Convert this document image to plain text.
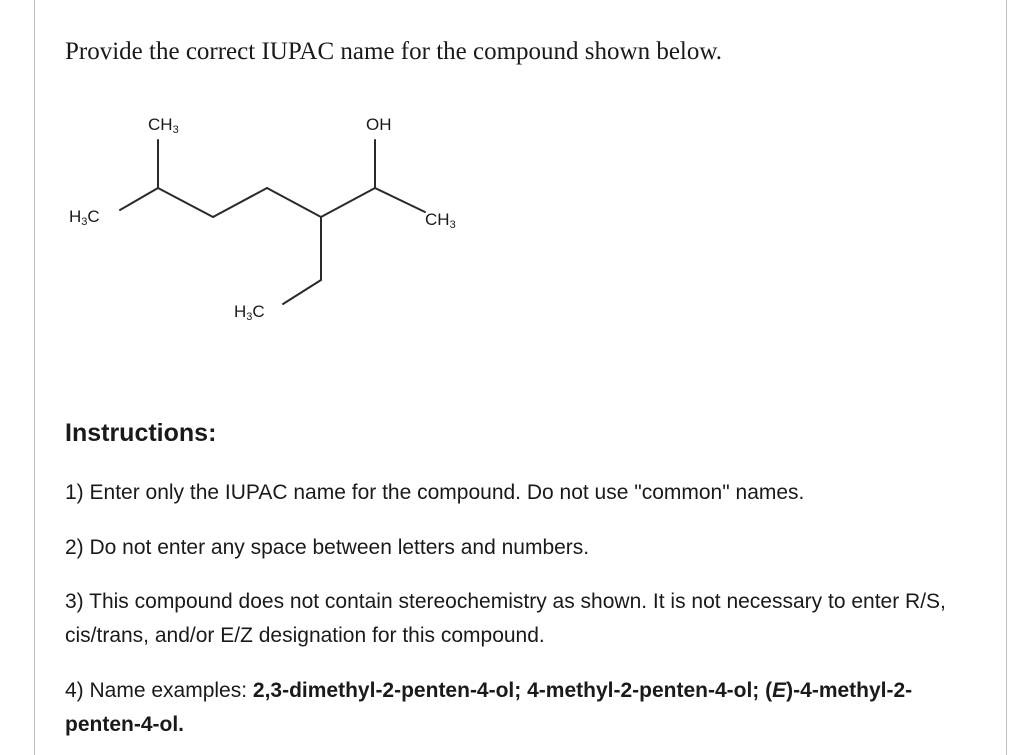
Provide the correct IUPAC name for the compound shown below.
CH3	OH
H3C	CH3
H3C
Instructions:
1) Enter only the IUPAC name for the compound. Do not use "common" names.
2) Do not enter any space between letters and numbers.
3) This compound does not contain stereochemistry as shown. It is not necessary to enter R/S, cis/trans, and/or E/Z designation for this compound.
4) Name examples: 2,3-dimethyl-2-penten-4-ol; 4-methyl-2-penten-4-ol; (E)-4-methyl-2-penten-4-ol.
